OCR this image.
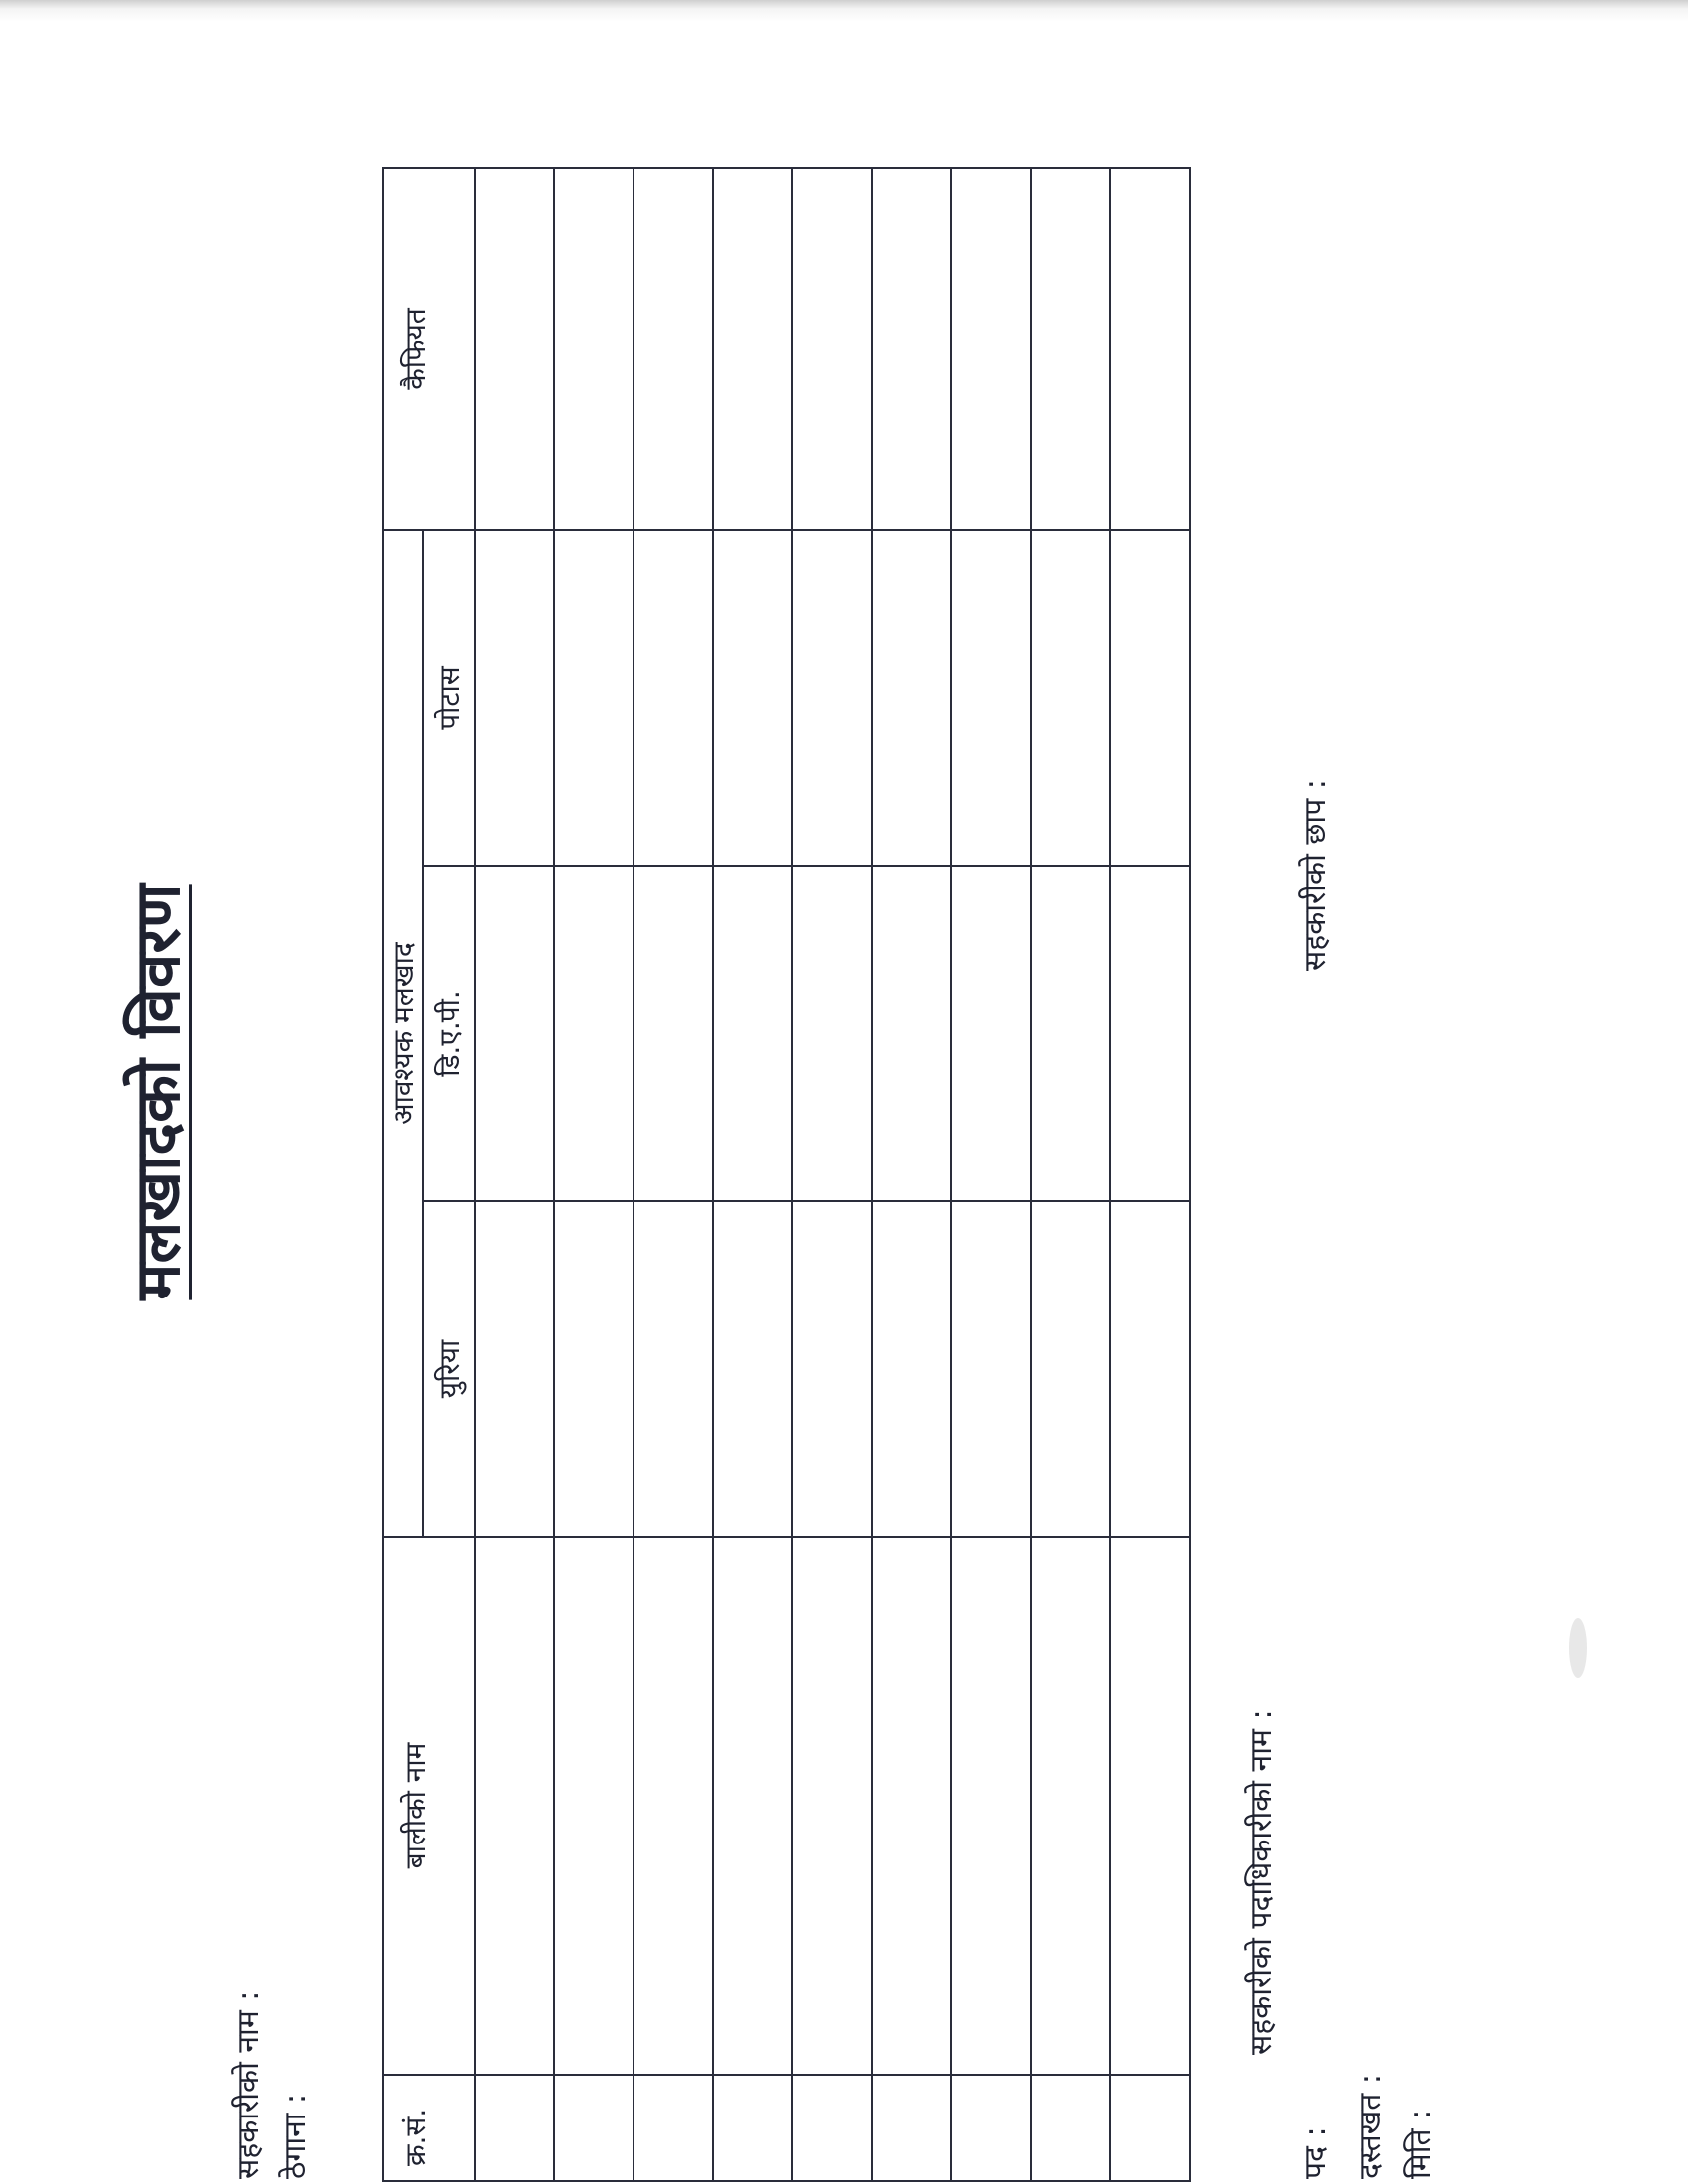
मलखादको विवरण
सहकारीको नाम : ठेगाना :	क्र.सं.	बालीको नाम	आवश्यक मलखाद			कैफियत
		युरिया	डि.ए.पी.	पोटास	

सहकारीको पदाधिकारीको नाम :
पद : दस्तखत : मिति :
सहकारीको छाप :
